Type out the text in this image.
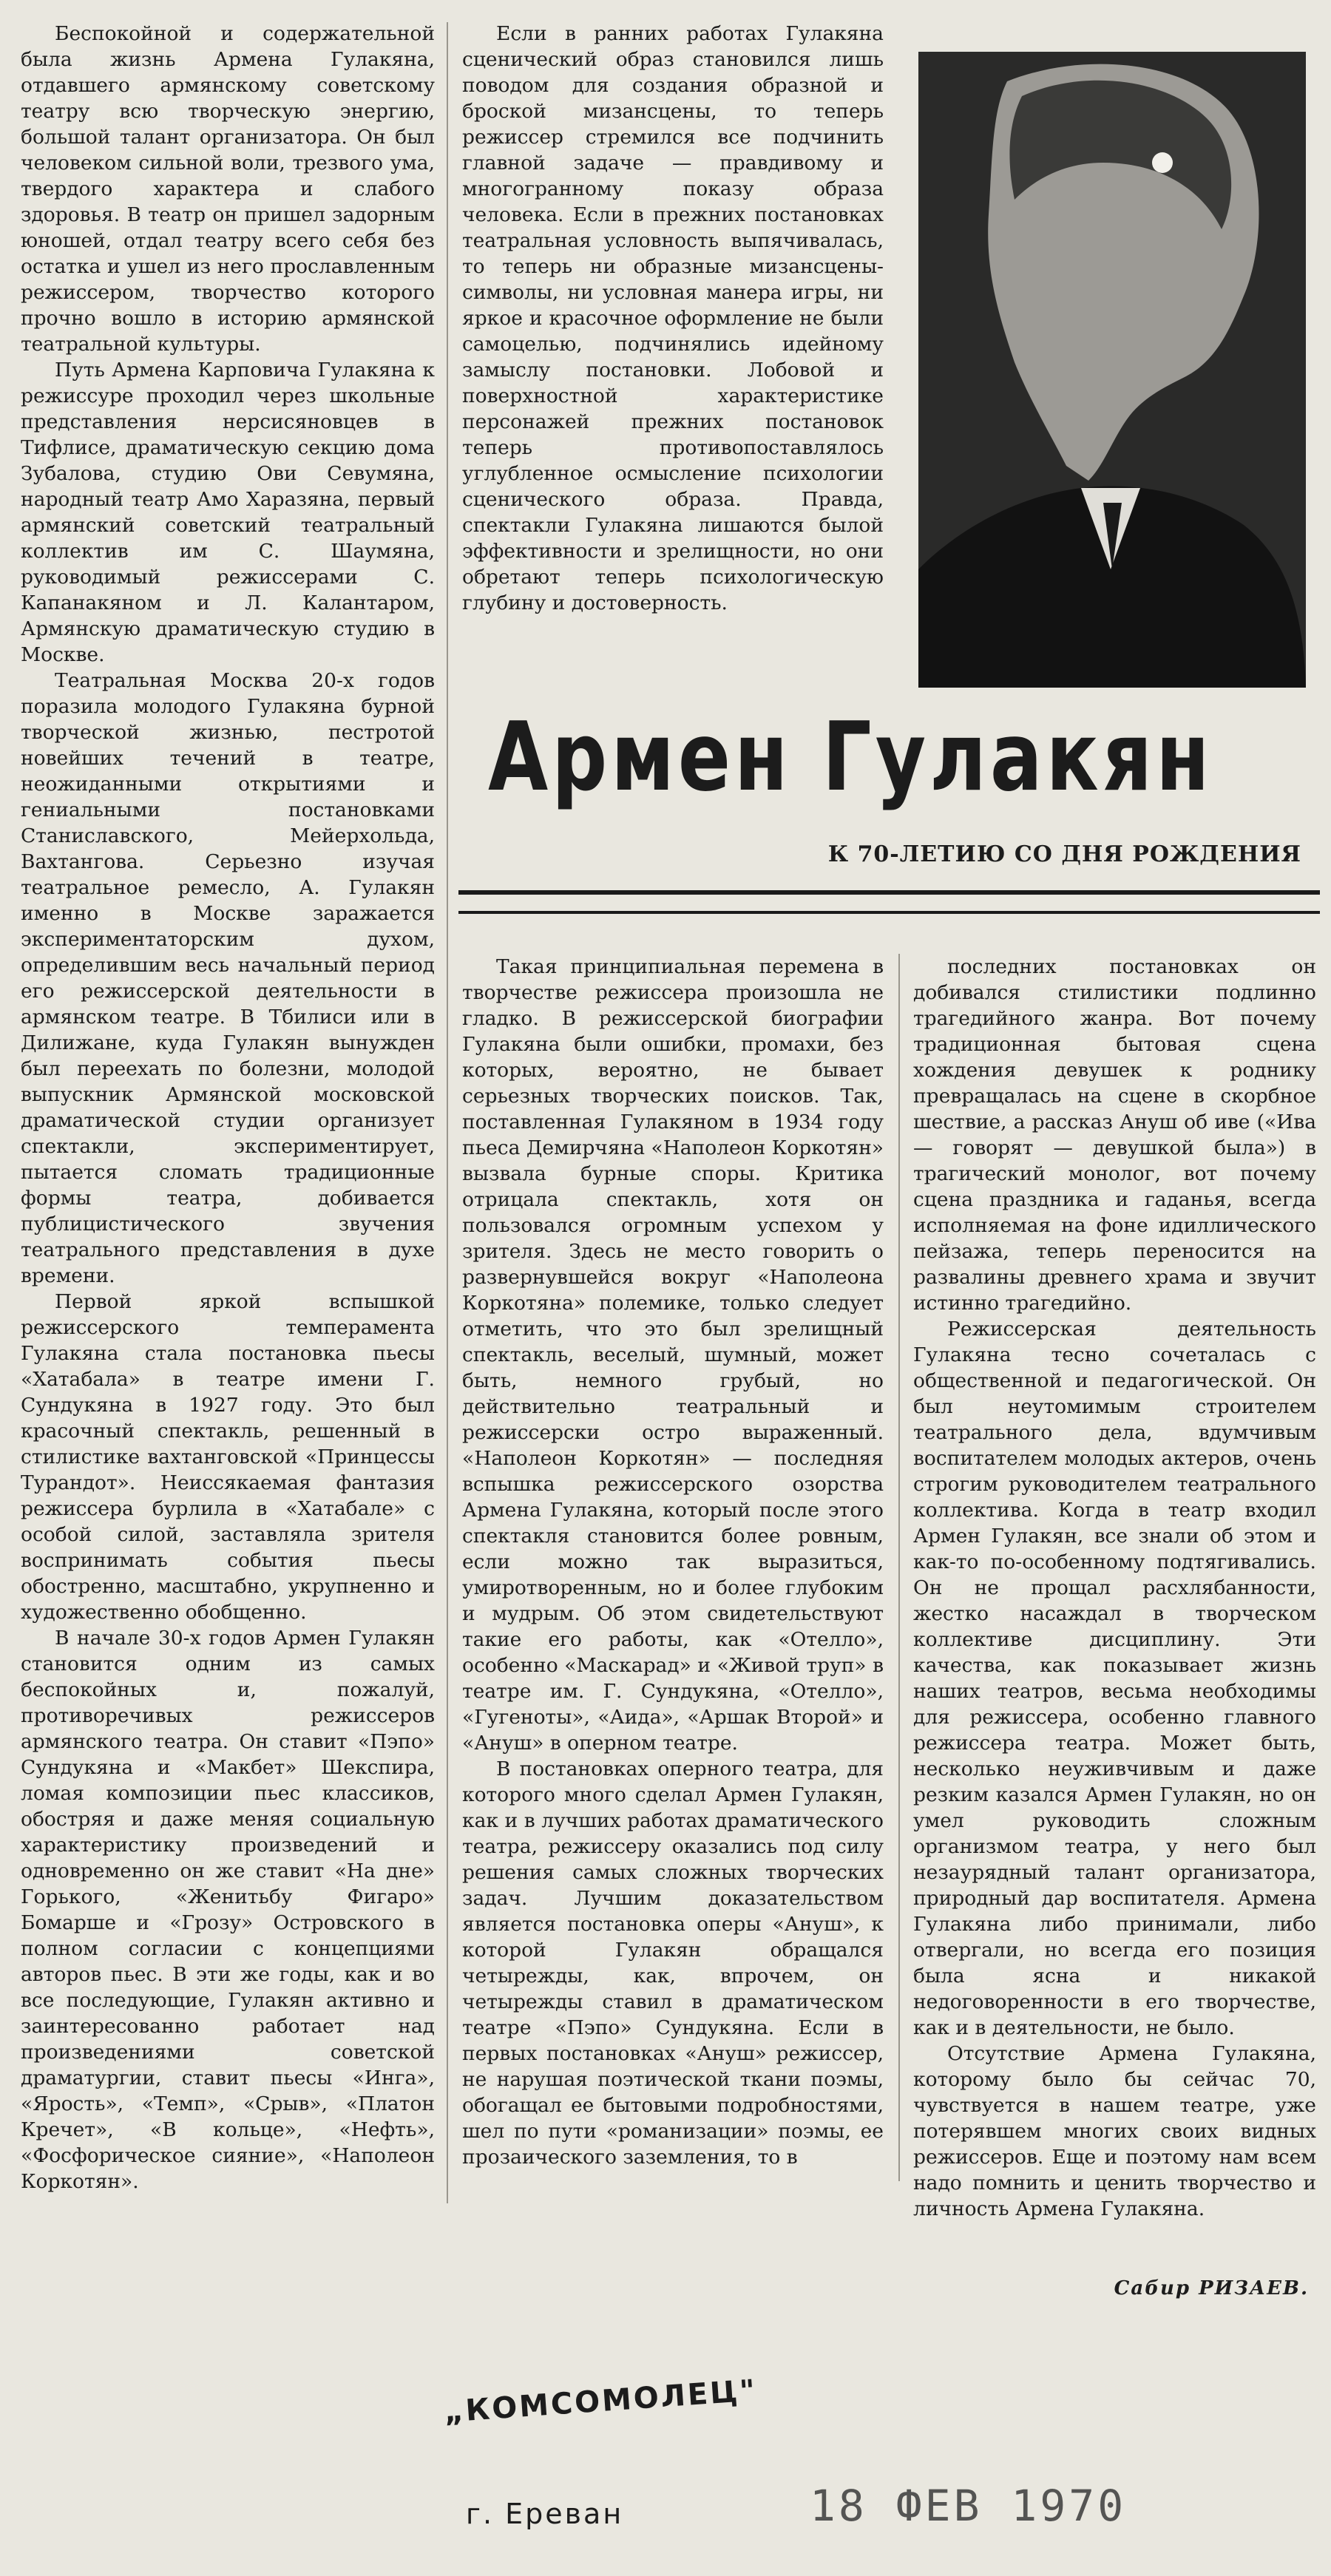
Беспокойной и содержательной была жизнь Армена Гулакяна, отдавшего армянскому советскому театру всю творческую энергию, большой талант организатора. Он был человеком сильной воли, трезвого ума, твердого характера и слабого здоровья. В театр он пришел задорным юношей, отдал театру всего себя без остатка и ушел из него прославленным режиссером, творчество которого прочно вошло в историю армянской театральной культуры.

Путь Армена Карповича Гулакяна к режиссуре проходил через школьные представления нерсисяновцев в Тифлисе, драматическую секцию дома Зубалова, студию Ови Севумяна, народный театр Амо Харазяна, первый армянский советский театральный коллектив им С. Шаумяна, руководимый режиссерами С. Капанакяном и Л. Калантаром, Армянскую драматическую студию в Москве.

Театральная Москва 20-х годов поразила молодого Гулакяна бурной творческой жизнью, пестротой новейших течений в театре, неожиданными открытиями и гениальными постановками Станиславского, Мейерхольда, Вахтангова. Серьезно изучая театральное ремесло, А. Гулакян именно в Москве заражается экспериментаторским духом, определившим весь начальный период его режиссерской деятельности в армянском театре. В Тбилиси или в Дилижане, куда Гулакян вынужден был переехать по болезни, молодой выпускник Армянской московской драматической студии организует спектакли, экспериментирует, пытается сломать традиционные формы театра, добивается публицистического звучения театрального представления в духе времени.

Первой яркой вспышкой режиссерского темперамента Гулакяна стала постановка пьесы «Хатабала» в театре имени Г. Сундукяна в 1927 году. Это был красочный спектакль, решенный в стилистике вахтанговской «Принцессы Турандот». Неиссякаемая фантазия режиссера бурлила в «Хатабале» с особой силой, заставляла зрителя воспринимать события пьесы обостренно, масштабно, укрупненно и художественно обобщенно.

В начале 30-х годов Армен Гулакян становится одним из самых беспокойных и, пожалуй, противоречивых режиссеров армянского театра. Он ставит «Пэпо» Сундукяна и «Макбет» Шекспира, ломая композиции пьес классиков, обостряя и даже меняя социальную характеристику произведений и одновременно он же ставит «На дне» Горького, «Женитьбу Фигаро» Бомарше и «Грозу» Островского в полном согласии с концепциями авторов пьес. В эти же годы, как и во все последующие, Гулакян активно и заинтересованно работает над произведениями советской драматургии, ставит пьесы «Инга», «Ярость», «Темп», «Срыв», «Платон Кречет», «В кольце», «Нефть», «Фосфорическое сияние», «Наполеон Коркотян».

Если в ранних работах Гулакяна сценический образ становился лишь поводом для создания образной и броской мизансцены, то теперь режиссер стремился все подчинить главной задаче — правдивому и многогранному показу образа человека. Если в прежних постановках театральная условность выпячивалась, то теперь ни образные мизансцены-символы, ни условная манера игры, ни яркое и красочное оформление не были самоцелью, подчинялись идейному замыслу постановки. Лобовой и поверхностной характеристике персонажей прежних постановок теперь противопоставлялось углубленное осмысление психологии сценического образа. Правда, спектакли Гулакяна лишаются былой эффективности и зрелищности, но они обретают теперь психологическую глубину и достоверность.

Армен Гулакян
К 70-ЛЕТИЮ СО ДНЯ РОЖДЕНИЯ

Такая принципиальная перемена в творчестве режиссера произошла не гладко. В режиссерской биографии Гулакяна были ошибки, промахи, без которых, вероятно, не бывает серьезных творческих поисков. Так, поставленная Гулакяном в 1934 году пьеса Демирчяна «Наполеон Коркотян» вызвала бурные споры. Критика отрицала спектакль, хотя он пользовался огромным успехом у зрителя. Здесь не место говорить о развернувшейся вокруг «Наполеона Коркотяна» полемике, только следует отметить, что это был зрелищный спектакль, веселый, шумный, может быть, немного грубый, но действительно театральный и режиссерски остро выраженный. «Наполеон Коркотян» — последняя вспышка режиссерского озорства Армена Гулакяна, который после этого спектакля становится более ровным, если можно так выразиться, умиротворенным, но и более глубоким и мудрым. Об этом свидетельствуют такие его работы, как «Отелло», особенно «Маскарад» и «Живой труп» в театре им. Г. Сундукяна, «Отелло», «Гугеноты», «Аида», «Аршак Второй» и «Ануш» в оперном театре.

В постановках оперного театра, для которого много сделал Армен Гулакян, как и в лучших работах драматического театра, режиссеру оказались под силу решения самых сложных творческих задач. Лучшим доказательством является постановка оперы «Ануш», к которой Гулакян обращался четырежды, как, впрочем, он четырежды ставил в драматическом театре «Пэпо» Сундукяна. Если в первых постановках «Ануш» режиссер, не нарушая поэтической ткани поэмы, обогащал ее бытовыми подробностями, шел по пути «романизации» поэмы, ее прозаического заземления, то в

последних постановках он добивался стилистики подлинно трагедийного жанра. Вот почему традиционная бытовая сцена хождения девушек к роднику превращалась на сцене в скорбное шествие, а рассказ Ануш об иве («Ива — говорят — девушкой была») в трагический монолог, вот почему сцена праздника и гаданья, всегда исполняемая на фоне идиллического пейзажа, теперь переносится на развалины древнего храма и звучит истинно трагедийно.

Режиссерская деятельность Гулакяна тесно сочеталась с общественной и педагогической. Он был неутомимым строителем театрального дела, вдумчивым воспитателем молодых актеров, очень строгим руководителем театрального коллектива. Когда в театр входил Армен Гулакян, все знали об этом и как-то по-особенному подтягивались. Он не прощал расхлябанности, жестко насаждал в творческом коллективе дисциплину. Эти качества, как показывает жизнь наших театров, весьма необходимы для режиссера, особенно главного режиссера театра. Может быть, несколько неуживчивым и даже резким казался Армен Гулакян, но он умел руководить сложным организмом театра, у него был незаурядный талант организатора, природный дар воспитателя. Армена Гулакяна либо принимали, либо отвергали, но всегда его позиция была ясна и никакой недоговоренности в его творчестве, как и в деятельности, не было.

Отсутствие Армена Гулакяна, которому было бы сейчас 70, чувствуется в нашем театре, уже потерявшем многих своих видных режиссеров. Еще и поэтому нам всем надо помнить и ценить творчество и личность Армена Гулакяна.

Сабир РИЗАЕВ.
„КОМСОМОЛЕЦ"
г. Ереван	18 ФЕВ 1970
